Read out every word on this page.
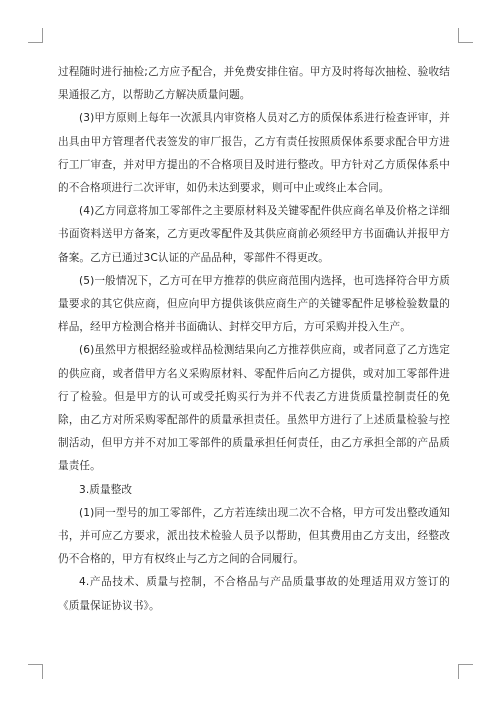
过程随时进行抽检;乙方应予配合，并免费安排住宿。甲方及时将每次抽检、验收结果通报乙方，以帮助乙方解决质量问题。

(3)甲方原则上每年一次派具内审资格人员对乙方的质保体系进行检查评审，并出具由甲方管理者代表签发的审厂报告，乙方有责任按照质保体系要求配合甲方进行工厂审查，并对甲方提出的不合格项目及时进行整改。甲方针对乙方质保体系中的不合格项进行二次评审，如仍未达到要求，则可中止或终止本合同。

(4)乙方同意将加工零部件之主要原材料及关键零配件供应商名单及价格之详细书面资料送甲方备案，乙方更改零配件及其供应商前必须经甲方书面确认并报甲方备案。乙方已通过3C认证的产品品种，零部件不得更改。

(5)一般情况下，乙方可在甲方推荐的供应商范围内选择，也可选择符合甲方质量要求的其它供应商，但应向甲方提供该供应商生产的关键零配件足够检验数量的样品，经甲方检测合格并书面确认、封样交甲方后，方可采购并投入生产。

(6)虽然甲方根据经验或样品检测结果向乙方推荐供应商，或者同意了乙方选定的供应商，或者借甲方名义采购原材料、零配件后向乙方提供，或对加工零部件进行了检验。但是甲方的认可或受托购买行为并不代表乙方进货质量控制责任的免除，由乙方对所采购零配部件的质量承担责任。虽然甲方进行了上述质量检验与控制活动，但甲方并不对加工零部件的质量承担任何责任，由乙方承担全部的产品质量责任。

3.质量整改

(1)同一型号的加工零部件，乙方若连续出现二次不合格，甲方可发出整改通知书，并可应乙方要求，派出技术检验人员予以帮助，但其费用由乙方支出，经整改仍不合格的，甲方有权终止与乙方之间的合同履行。

4.产品技术、质量与控制，不合格品与产品质量事故的处理适用双方签订的《质量保证协议书》。
